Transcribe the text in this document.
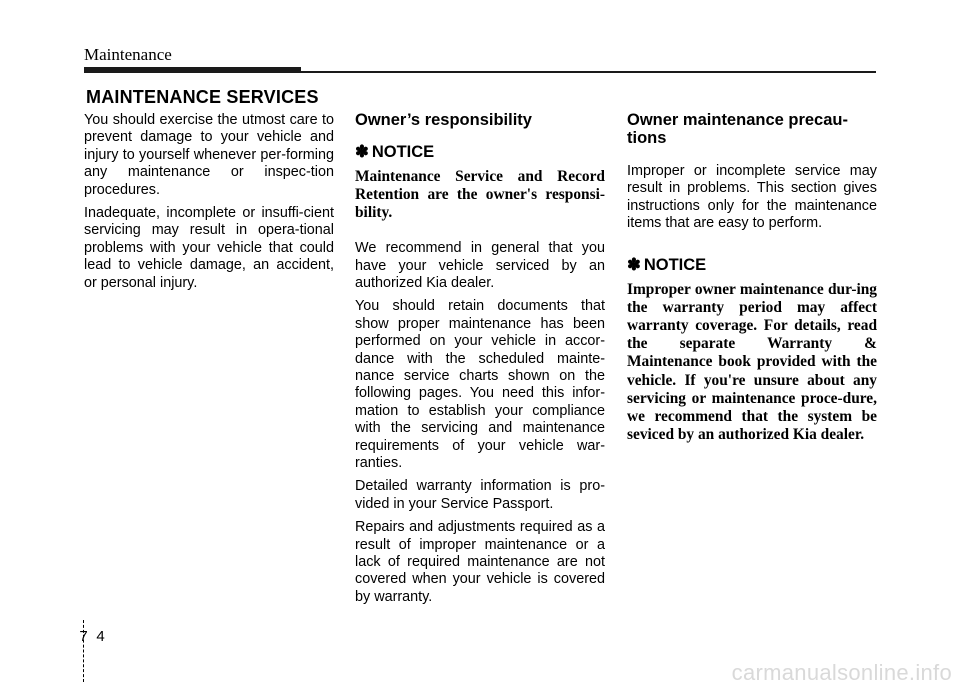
Maintenance
MAINTENANCE SERVICES

You should exercise the utmost care to prevent damage to your vehicle and injury to yourself whenever per-forming any maintenance or inspec-tion procedures.

Inadequate, incomplete or insuffi-cient servicing may result in opera-tional problems with your vehicle that could lead to vehicle damage, an accident, or personal injury.

Owner’s responsibility

✽ NOTICE

Maintenance Service and Record Retention are the owner's responsi-bility.

We recommend in general that you have your vehicle serviced by an authorized Kia dealer.

You should retain documents that show proper maintenance has been performed on your vehicle in accor-dance with the scheduled mainte-nance service charts shown on the following pages. You need this infor-mation to establish your compliance with the servicing and maintenance requirements of your vehicle war-ranties.

Detailed warranty information is pro-vided in your Service Passport.

Repairs and adjustments required as a result of improper maintenance or a lack of required maintenance are not covered when your vehicle is covered by warranty.

Owner maintenance precau-tions

Improper or incomplete service may result in problems. This section gives instructions only for the maintenance items that are easy to perform.

✽ NOTICE

Improper owner maintenance dur-ing the warranty period may affect warranty coverage. For details, read the separate Warranty & Maintenance book provided with the vehicle. If you're unsure about any servicing or maintenance proce-dure, we recommend that the system be seviced by an authorized Kia dealer.

7 4
carmanualsonline.info
